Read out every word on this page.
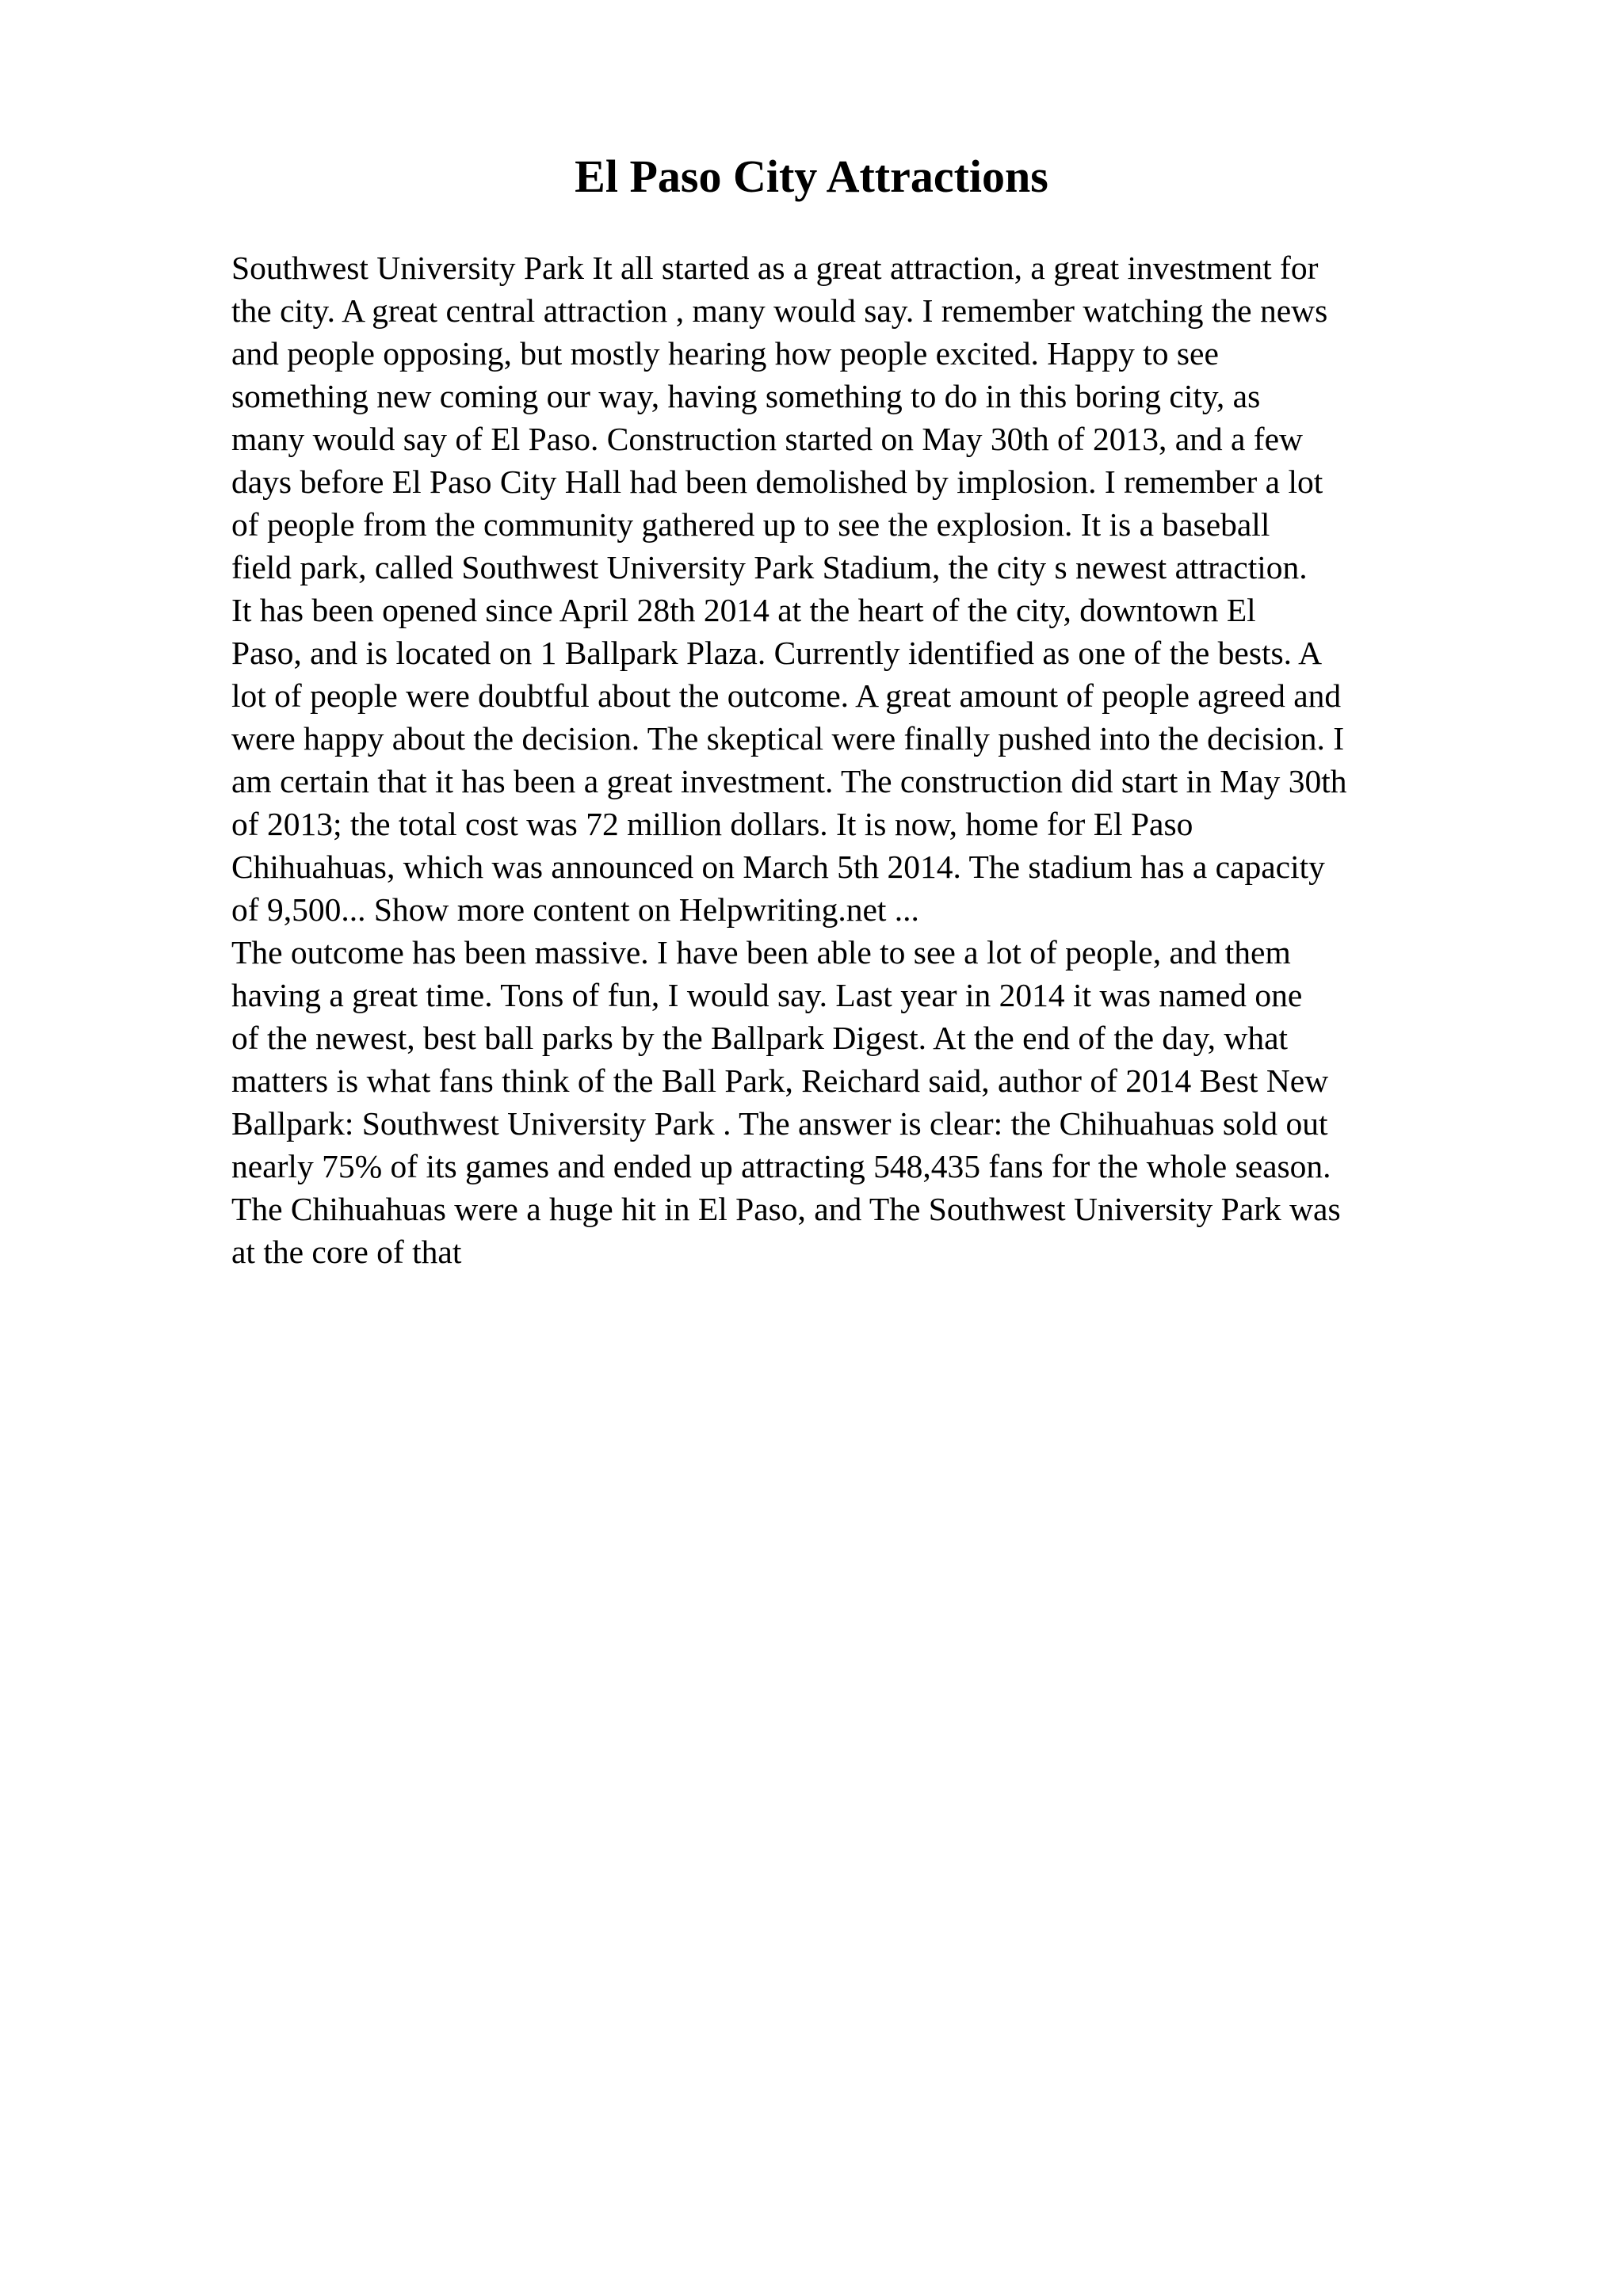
El Paso City Attractions
Southwest University Park It all started as a great attraction, a great investment for
the city. A great central attraction , many would say. I remember watching the news
and people opposing, but mostly hearing how people excited. Happy to see
something new coming our way, having something to do in this boring city, as
many would say of El Paso. Construction started on May 30th of 2013, and a few
days before El Paso City Hall had been demolished by implosion. I remember a lot
of people from the community gathered up to see the explosion. It is a baseball
field park, called Southwest University Park Stadium, the city s newest attraction.
It has been opened since April 28th 2014 at the heart of the city, downtown El
Paso, and is located on 1 Ballpark Plaza. Currently identified as one of the bests. A
lot of people were doubtful about the outcome. A great amount of people agreed and
were happy about the decision. The skeptical were finally pushed into the decision. I
am certain that it has been a great investment. The construction did start in May 30th
of 2013; the total cost was 72 million dollars. It is now, home for El Paso
Chihuahuas, which was announced on March 5th 2014. The stadium has a capacity
of 9,500... Show more content on Helpwriting.net ...
The outcome has been massive. I have been able to see a lot of people, and them
having a great time. Tons of fun, I would say. Last year in 2014 it was named one
of the newest, best ball parks by the Ballpark Digest. At the end of the day, what
matters is what fans think of the Ball Park, Reichard said, author of 2014 Best New
Ballpark: Southwest University Park . The answer is clear: the Chihuahuas sold out
nearly 75% of its games and ended up attracting 548,435 fans for the whole season.
The Chihuahuas were a huge hit in El Paso, and The Southwest University Park was
at the core of that
